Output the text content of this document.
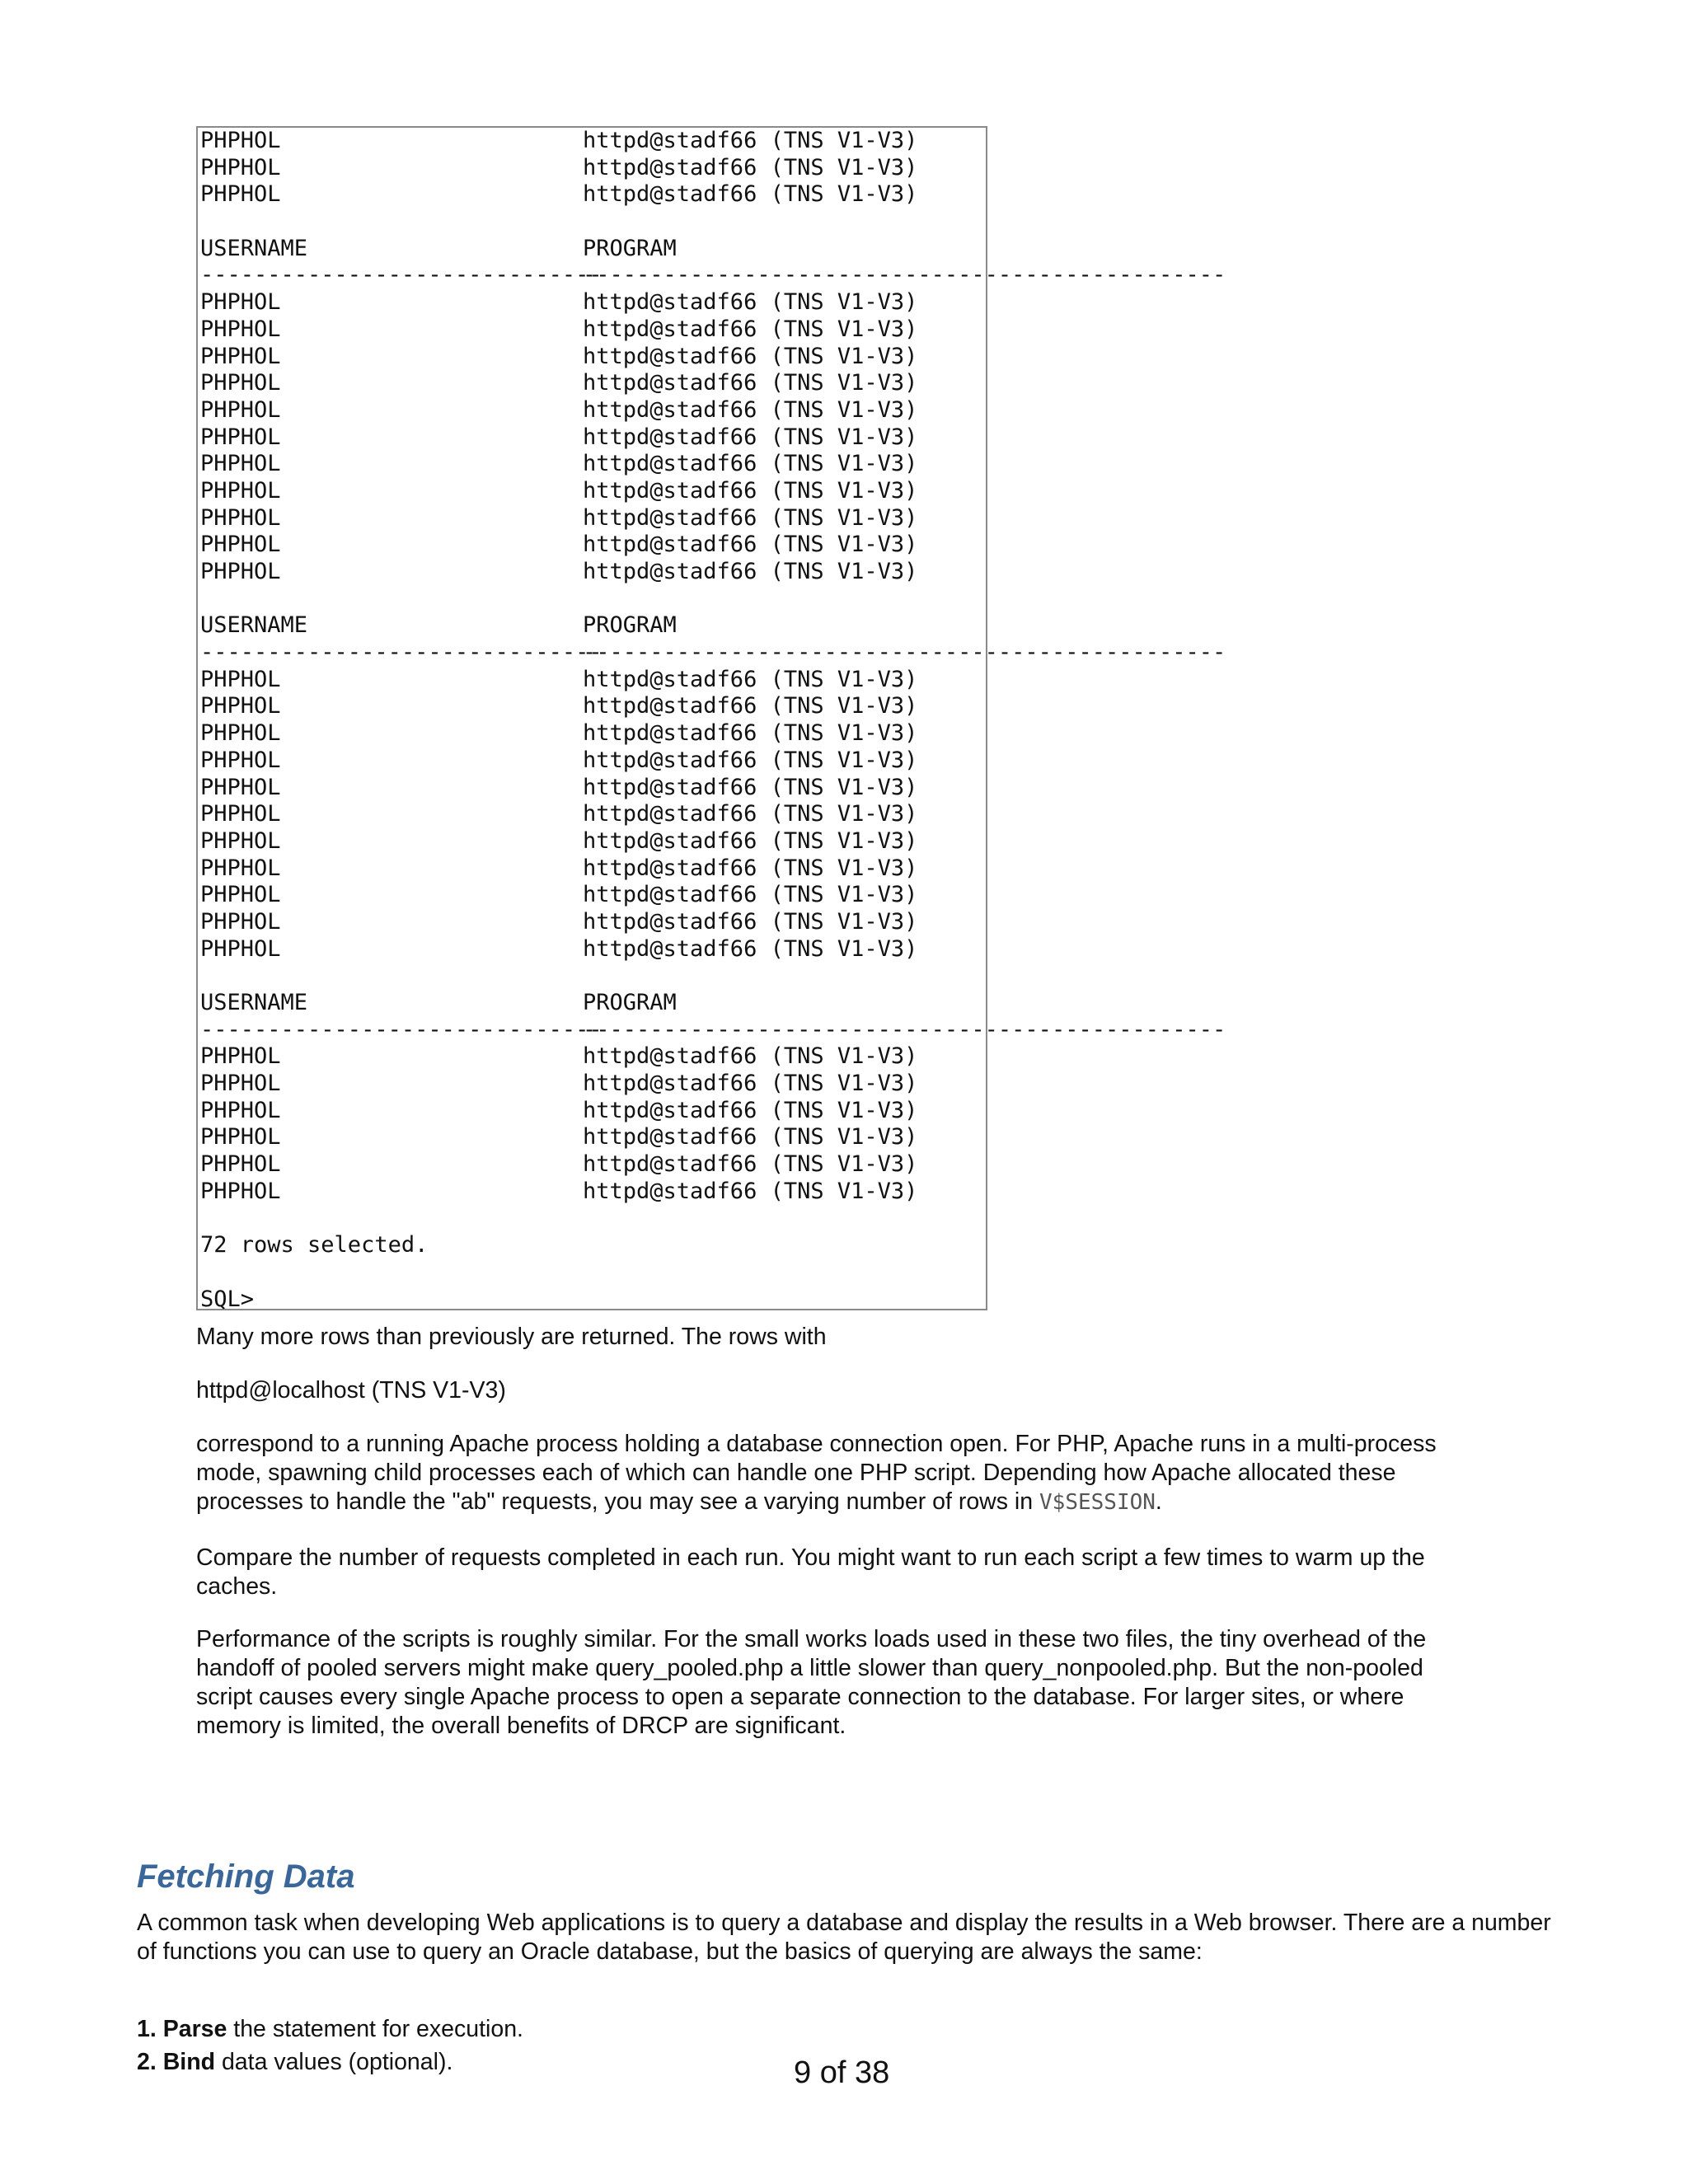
PHPHOL	httpd@stadf66 (TNS V1-V3)
PHPHOL	httpd@stadf66 (TNS V1-V3)
PHPHOL	httpd@stadf66 (TNS V1-V3)
USERNAME	PROGRAM
------------------------------------------------------------------------------
PHPHOL	httpd@stadf66 (TNS V1-V3)
PHPHOL	httpd@stadf66 (TNS V1-V3)
PHPHOL	httpd@stadf66 (TNS V1-V3)
PHPHOL	httpd@stadf66 (TNS V1-V3)
PHPHOL	httpd@stadf66 (TNS V1-V3)
PHPHOL	httpd@stadf66 (TNS V1-V3)
PHPHOL	httpd@stadf66 (TNS V1-V3)
PHPHOL	httpd@stadf66 (TNS V1-V3)
PHPHOL	httpd@stadf66 (TNS V1-V3)
PHPHOL	httpd@stadf66 (TNS V1-V3)
PHPHOL	httpd@stadf66 (TNS V1-V3)
USERNAME	PROGRAM
------------------------------------------------------------------------------
PHPHOL	httpd@stadf66 (TNS V1-V3)
PHPHOL	httpd@stadf66 (TNS V1-V3)
PHPHOL	httpd@stadf66 (TNS V1-V3)
PHPHOL	httpd@stadf66 (TNS V1-V3)
PHPHOL	httpd@stadf66 (TNS V1-V3)
PHPHOL	httpd@stadf66 (TNS V1-V3)
PHPHOL	httpd@stadf66 (TNS V1-V3)
PHPHOL	httpd@stadf66 (TNS V1-V3)
PHPHOL	httpd@stadf66 (TNS V1-V3)
PHPHOL	httpd@stadf66 (TNS V1-V3)
PHPHOL	httpd@stadf66 (TNS V1-V3)
USERNAME	PROGRAM
------------------------------------------------------------------------------
PHPHOL	httpd@stadf66 (TNS V1-V3)
PHPHOL	httpd@stadf66 (TNS V1-V3)
PHPHOL	httpd@stadf66 (TNS V1-V3)
PHPHOL	httpd@stadf66 (TNS V1-V3)
PHPHOL	httpd@stadf66 (TNS V1-V3)
PHPHOL	httpd@stadf66 (TNS V1-V3)
72 rows selected.
SQL>

Many more rows than previously are returned. The rows with

httpd@localhost (TNS V1-V3)

correspond to a running Apache process holding a database connection open. For PHP, Apache runs in a multi-process mode, spawning child processes each of which can handle one PHP script. Depending how Apache allocated these processes to handle the "ab" requests, you may see a varying number of rows in V$SESSION.

Compare the number of requests completed in each run. You might want to run each script a few times to warm up the caches.

Performance of the scripts is roughly similar. For the small works loads used in these two files, the tiny overhead of the handoff of pooled servers might make query_pooled.php a little slower than query_nonpooled.php. But the non-pooled script causes every single Apache process to open a separate connection to the database. For larger sites, or where memory is limited, the overall benefits of DRCP are significant.

Fetching Data

A common task when developing Web applications is to query a database and display the results in a Web browser. There are a number of functions you can use to query an Oracle database, but the basics of querying are always the same:

1. Parse the statement for execution.
2. Bind data values (optional).	9 of 38
